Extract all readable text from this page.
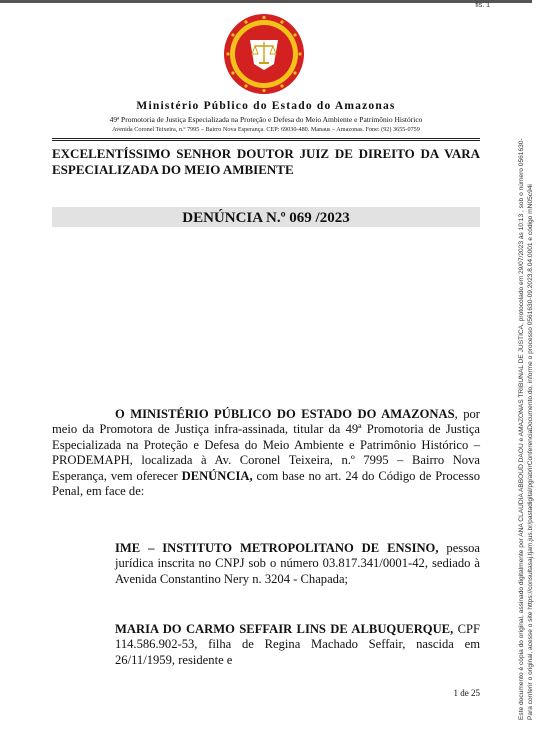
fls. 1
Ministério Público do Estado do Amazonas
49ª Promotoria de Justiça Especializada na Proteção e Defesa do Meio Ambiente e Patrimônio Histórico
Avenida Coronel Teixeira, n.º 7995 – Bairro Nova Esperança. CEP: 69030-480. Manaus – Amazonas. Fone: (92) 3655-0759
EXCELENTÍSSIMO SENHOR DOUTOR JUIZ DE DIREITO DA VARA ESPECIALIZADA DO MEIO AMBIENTE
DENÚNCIA N.º 069 /2023
O MINISTÉRIO PÚBLICO DO ESTADO DO AMAZONAS, por meio da Promotora de Justiça infra-assinada, titular da 49ª Promotoria de Justiça Especializada na Proteção e Defesa do Meio Ambiente e Patrimônio Histórico – PRODEMAPH, localizada à Av. Coronel Teixeira, n.º 7995 – Bairro Nova Esperança, vem oferecer DENÚNCIA, com base no art. 24 do Código de Processo Penal, em face de:
IME – INSTITUTO METROPOLITANO DE ENSINO, pessoa jurídica inscrita no CNPJ sob o número 03.817.341/0001-42, sediado à Avenida Constantino Nery n. 3204 - Chapada;
MARIA DO CARMO SEFFAIR LINS DE ALBUQUERQUE, CPF 114.586.902-53, filha de Regina Machado Seffair, nascida em 26/11/1959, residente e
1 de 25	Este documento é cópia do original, assinado digitalmente por ANA CLAUDIA ABBOUD DAOU e AMAZONAS TRIBUNAL DE JUSTICA, protocolado em 29/07/2023 às 10:13 , sob o número 0561630- Para conferir o original, acesse o site https://consultasaj.tjam.jus.br/pastadigital/pg/abrirConferenciaDocumento.do, informe o processo 0561630-09.2023.8.04.0001 e código mN05c94i
